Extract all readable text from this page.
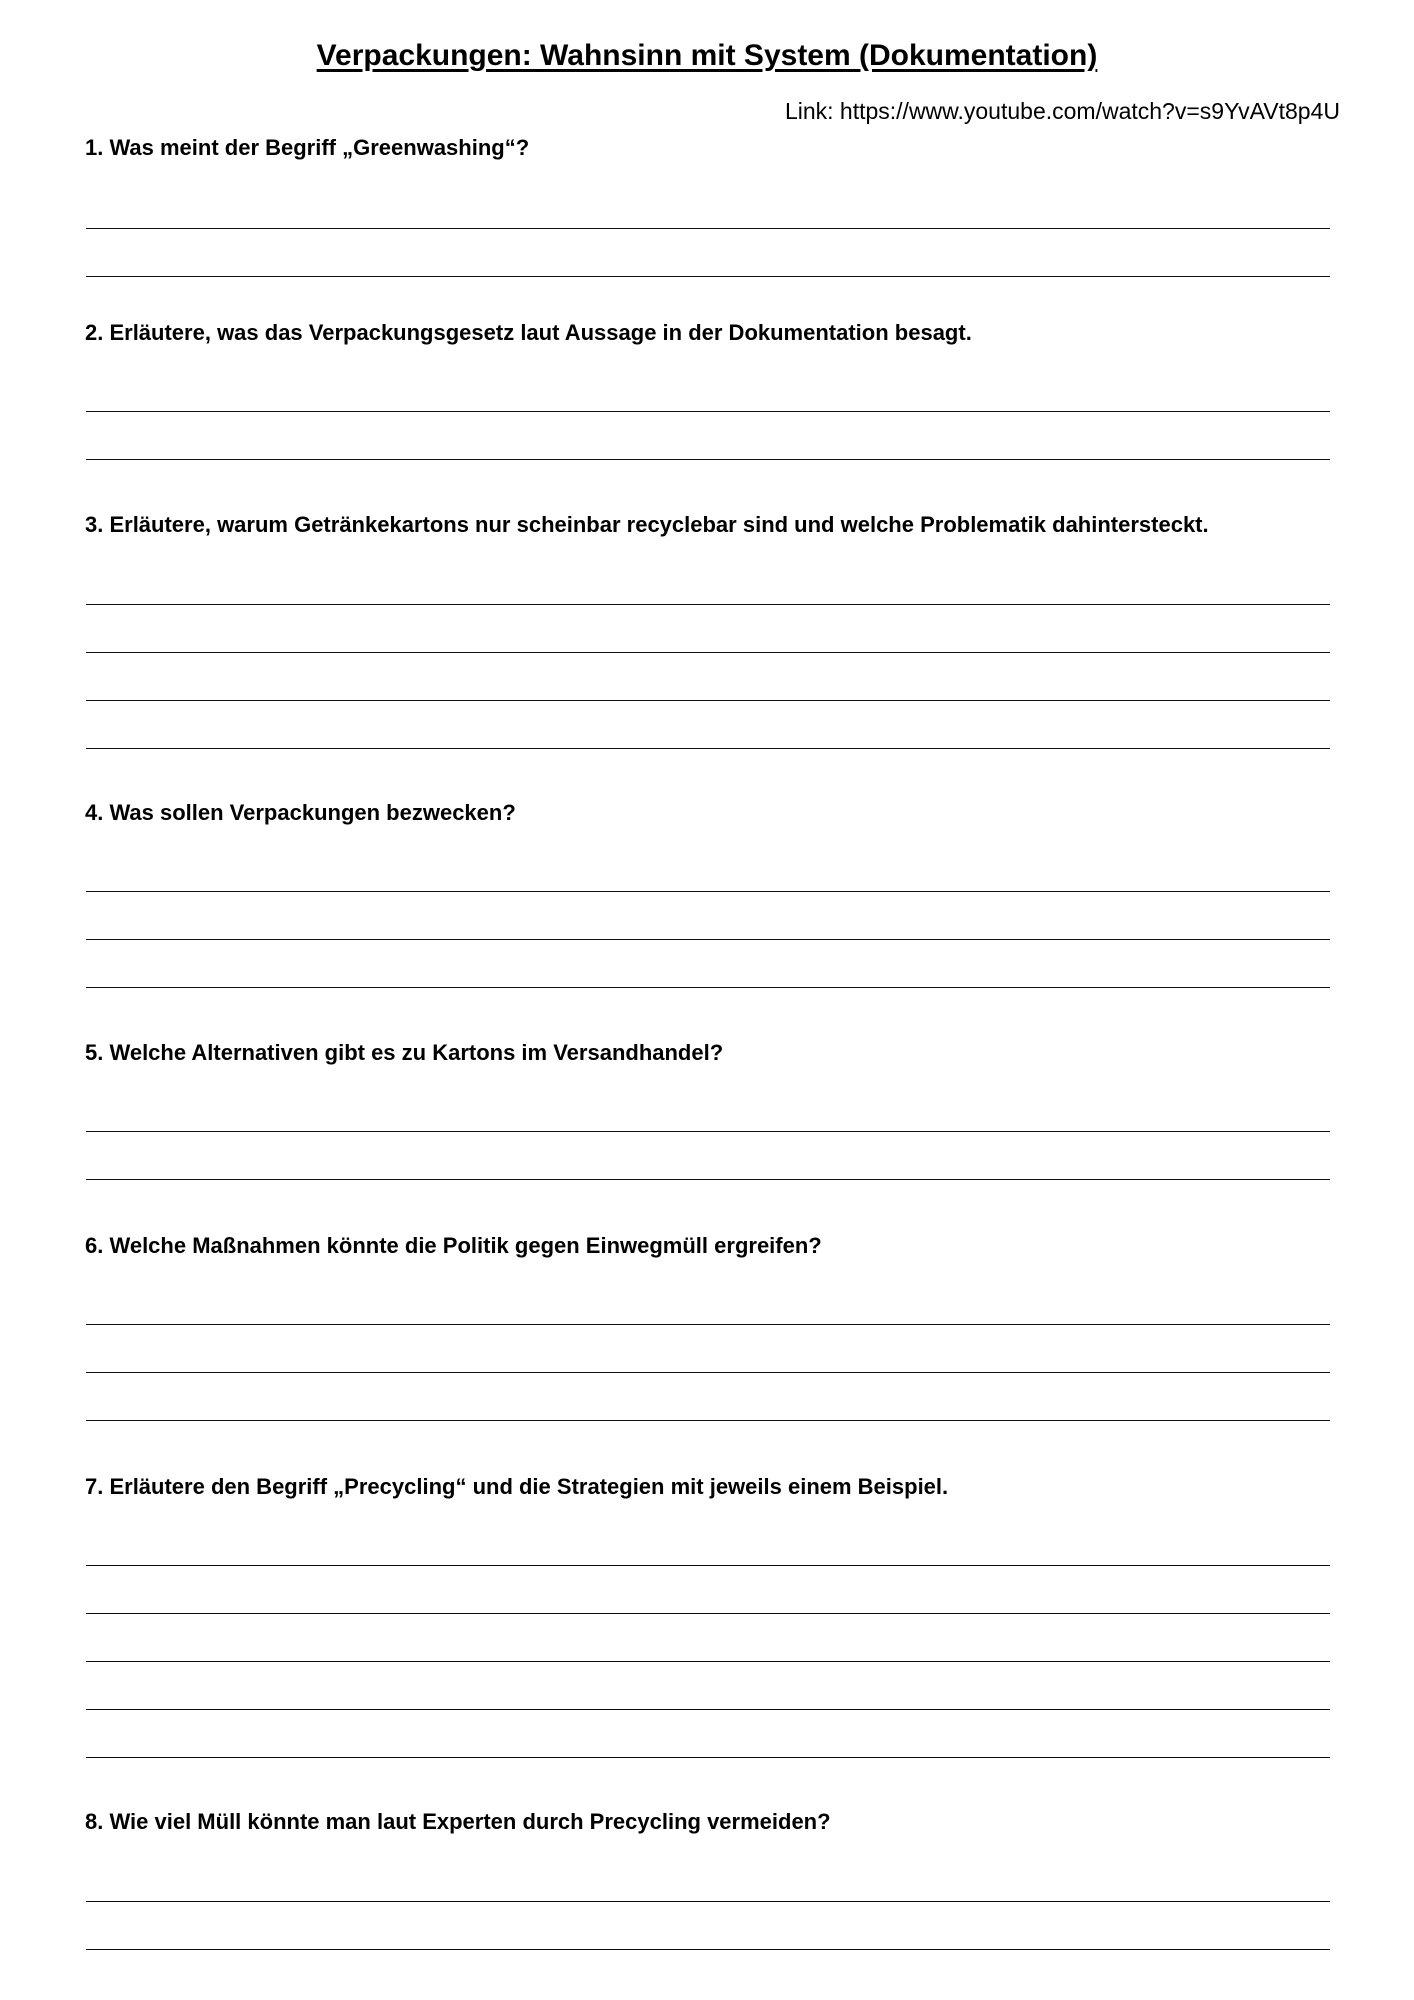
Verpackungen: Wahnsinn mit System (Dokumentation)
Link: https://www.youtube.com/watch?v=s9YvAVt8p4U
1. Was meint der Begriff „Greenwashing“?
2. Erläutere, was das Verpackungsgesetz laut Aussage in der Dokumentation besagt.
3. Erläutere, warum Getränkekartons nur scheinbar recyclebar sind und welche Problematik dahintersteckt.
4. Was sollen Verpackungen bezwecken?
5. Welche Alternativen gibt es zu Kartons im Versandhandel?
6. Welche Maßnahmen könnte die Politik gegen Einwegmüll ergreifen?
7. Erläutere den Begriff „Precycling“ und die Strategien mit jeweils einem Beispiel.
8. Wie viel Müll könnte man laut Experten durch Precycling vermeiden?
